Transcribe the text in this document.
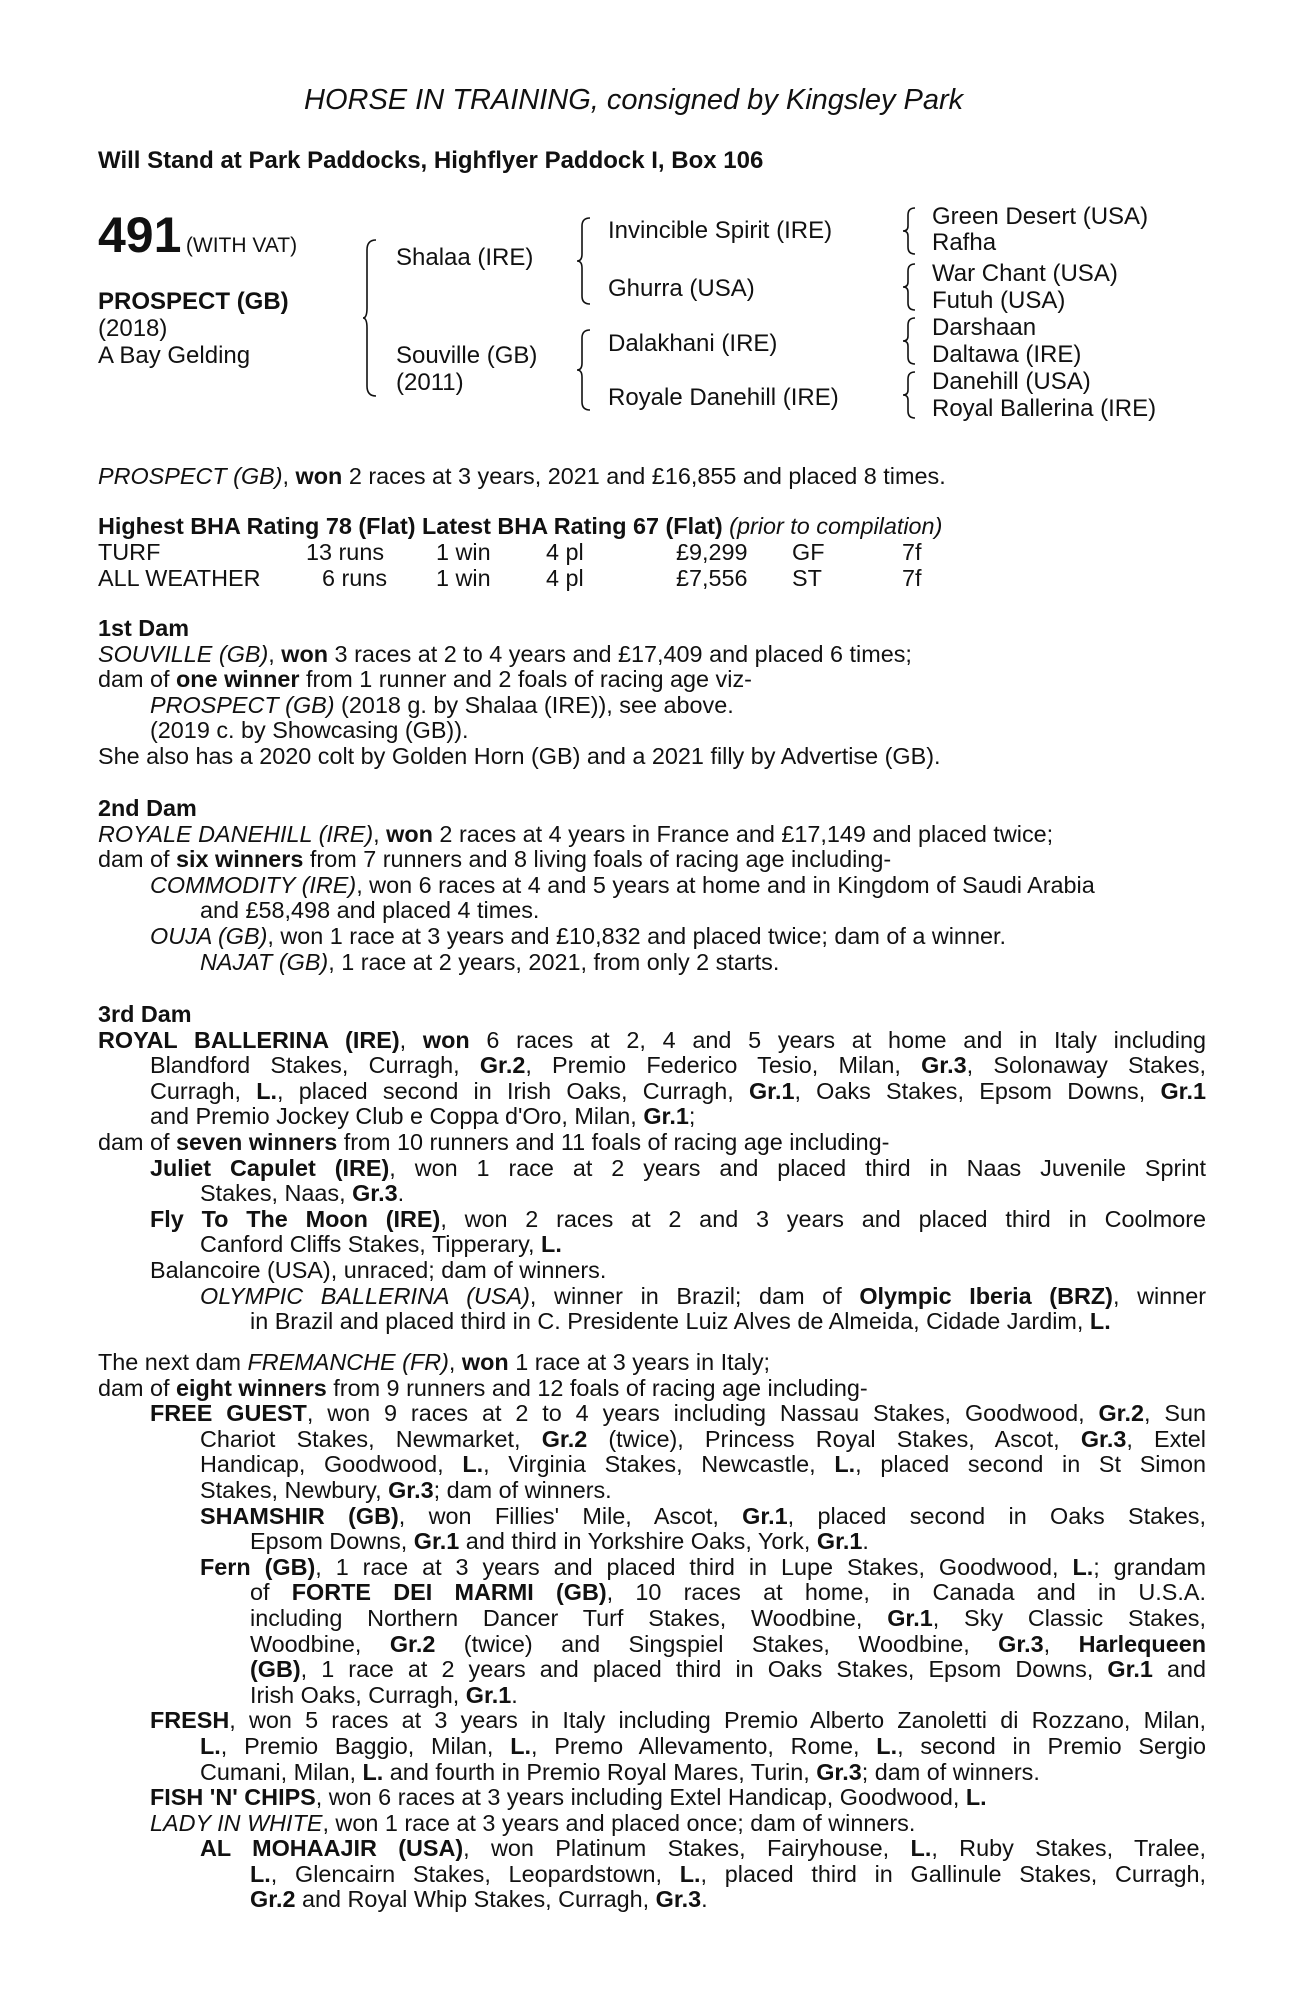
HORSE IN TRAINING, consigned by Kingsley Park
Will Stand at Park Paddocks, Highflyer Paddock I, Box 106
491 (WITH VAT)
PROSPECT (GB)
(2018)
A Bay Gelding
Shalaa (IRE)
Souville (GB)
(2011)
Invincible Spirit (IRE)
Ghurra (USA)
Dalakhani (IRE)
Royale Danehill (IRE)
Green Desert (USA)
Rafha
War Chant (USA)
Futuh (USA)
Darshaan
Daltawa (IRE)
Danehill (USA)
Royal Ballerina (IRE)
PROSPECT (GB), won 2 races at 3 years, 2021 and £16,855 and placed 8 times.
Highest BHA Rating 78 (Flat) Latest BHA Rating 67 (Flat) (prior to compilation)
TURF	13 runs	1 win	4 pl	£9,299	GF	7f
ALL WEATHER	6 runs	1 win	4 pl	£7,556	ST	7f
1st Dam
SOUVILLE (GB), won 3 races at 2 to 4 years and £17,409 and placed 6 times;
dam of one winner from 1 runner and 2 foals of racing age viz-
PROSPECT (GB) (2018 g. by Shalaa (IRE)), see above.
(2019 c. by Showcasing (GB)).
She also has a 2020 colt by Golden Horn (GB) and a 2021 filly by Advertise (GB).
2nd Dam
ROYALE DANEHILL (IRE), won 2 races at 4 years in France and £17,149 and placed twice;
dam of six winners from 7 runners and 8 living foals of racing age including-
COMMODITY (IRE), won 6 races at 4 and 5 years at home and in Kingdom of Saudi Arabia
and £58,498 and placed 4 times.
OUJA (GB), won 1 race at 3 years and £10,832 and placed twice; dam of a winner.
NAJAT (GB), 1 race at 2 years, 2021, from only 2 starts.
3rd Dam
ROYAL BALLERINA (IRE), won 6 races at 2, 4 and 5 years at home and in Italy including
Blandford Stakes, Curragh, Gr.2, Premio Federico Tesio, Milan, Gr.3, Solonaway Stakes,
Curragh, L., placed second in Irish Oaks, Curragh, Gr.1, Oaks Stakes, Epsom Downs, Gr.1
and Premio Jockey Club e Coppa d'Oro, Milan, Gr.1;
dam of seven winners from 10 runners and 11 foals of racing age including-
Juliet Capulet (IRE), won 1 race at 2 years and placed third in Naas Juvenile Sprint
Stakes, Naas, Gr.3.
Fly To The Moon (IRE), won 2 races at 2 and 3 years and placed third in Coolmore
Canford Cliffs Stakes, Tipperary, L.
Balancoire (USA), unraced; dam of winners.
OLYMPIC BALLERINA (USA), winner in Brazil; dam of Olympic Iberia (BRZ), winner
in Brazil and placed third in C. Presidente Luiz Alves de Almeida, Cidade Jardim, L.
The next dam FREMANCHE (FR), won 1 race at 3 years in Italy;
dam of eight winners from 9 runners and 12 foals of racing age including-
FREE GUEST, won 9 races at 2 to 4 years including Nassau Stakes, Goodwood, Gr.2, Sun
Chariot Stakes, Newmarket, Gr.2 (twice), Princess Royal Stakes, Ascot, Gr.3, Extel
Handicap, Goodwood, L., Virginia Stakes, Newcastle, L., placed second in St Simon
Stakes, Newbury, Gr.3; dam of winners.
SHAMSHIR (GB), won Fillies' Mile, Ascot, Gr.1, placed second in Oaks Stakes,
Epsom Downs, Gr.1 and third in Yorkshire Oaks, York, Gr.1.
Fern (GB), 1 race at 3 years and placed third in Lupe Stakes, Goodwood, L.; grandam
of FORTE DEI MARMI (GB), 10 races at home, in Canada and in U.S.A.
including Northern Dancer Turf Stakes, Woodbine, Gr.1, Sky Classic Stakes,
Woodbine, Gr.2 (twice) and Singspiel Stakes, Woodbine, Gr.3, Harlequeen
(GB), 1 race at 2 years and placed third in Oaks Stakes, Epsom Downs, Gr.1 and
Irish Oaks, Curragh, Gr.1.
FRESH, won 5 races at 3 years in Italy including Premio Alberto Zanoletti di Rozzano, Milan,
L., Premio Baggio, Milan, L., Premo Allevamento, Rome, L., second in Premio Sergio
Cumani, Milan, L. and fourth in Premio Royal Mares, Turin, Gr.3; dam of winners.
FISH 'N' CHIPS, won 6 races at 3 years including Extel Handicap, Goodwood, L.
LADY IN WHITE, won 1 race at 3 years and placed once; dam of winners.
AL MOHAAJIR (USA), won Platinum Stakes, Fairyhouse, L., Ruby Stakes, Tralee,
L., Glencairn Stakes, Leopardstown, L., placed third in Gallinule Stakes, Curragh,
Gr.2 and Royal Whip Stakes, Curragh, Gr.3.
